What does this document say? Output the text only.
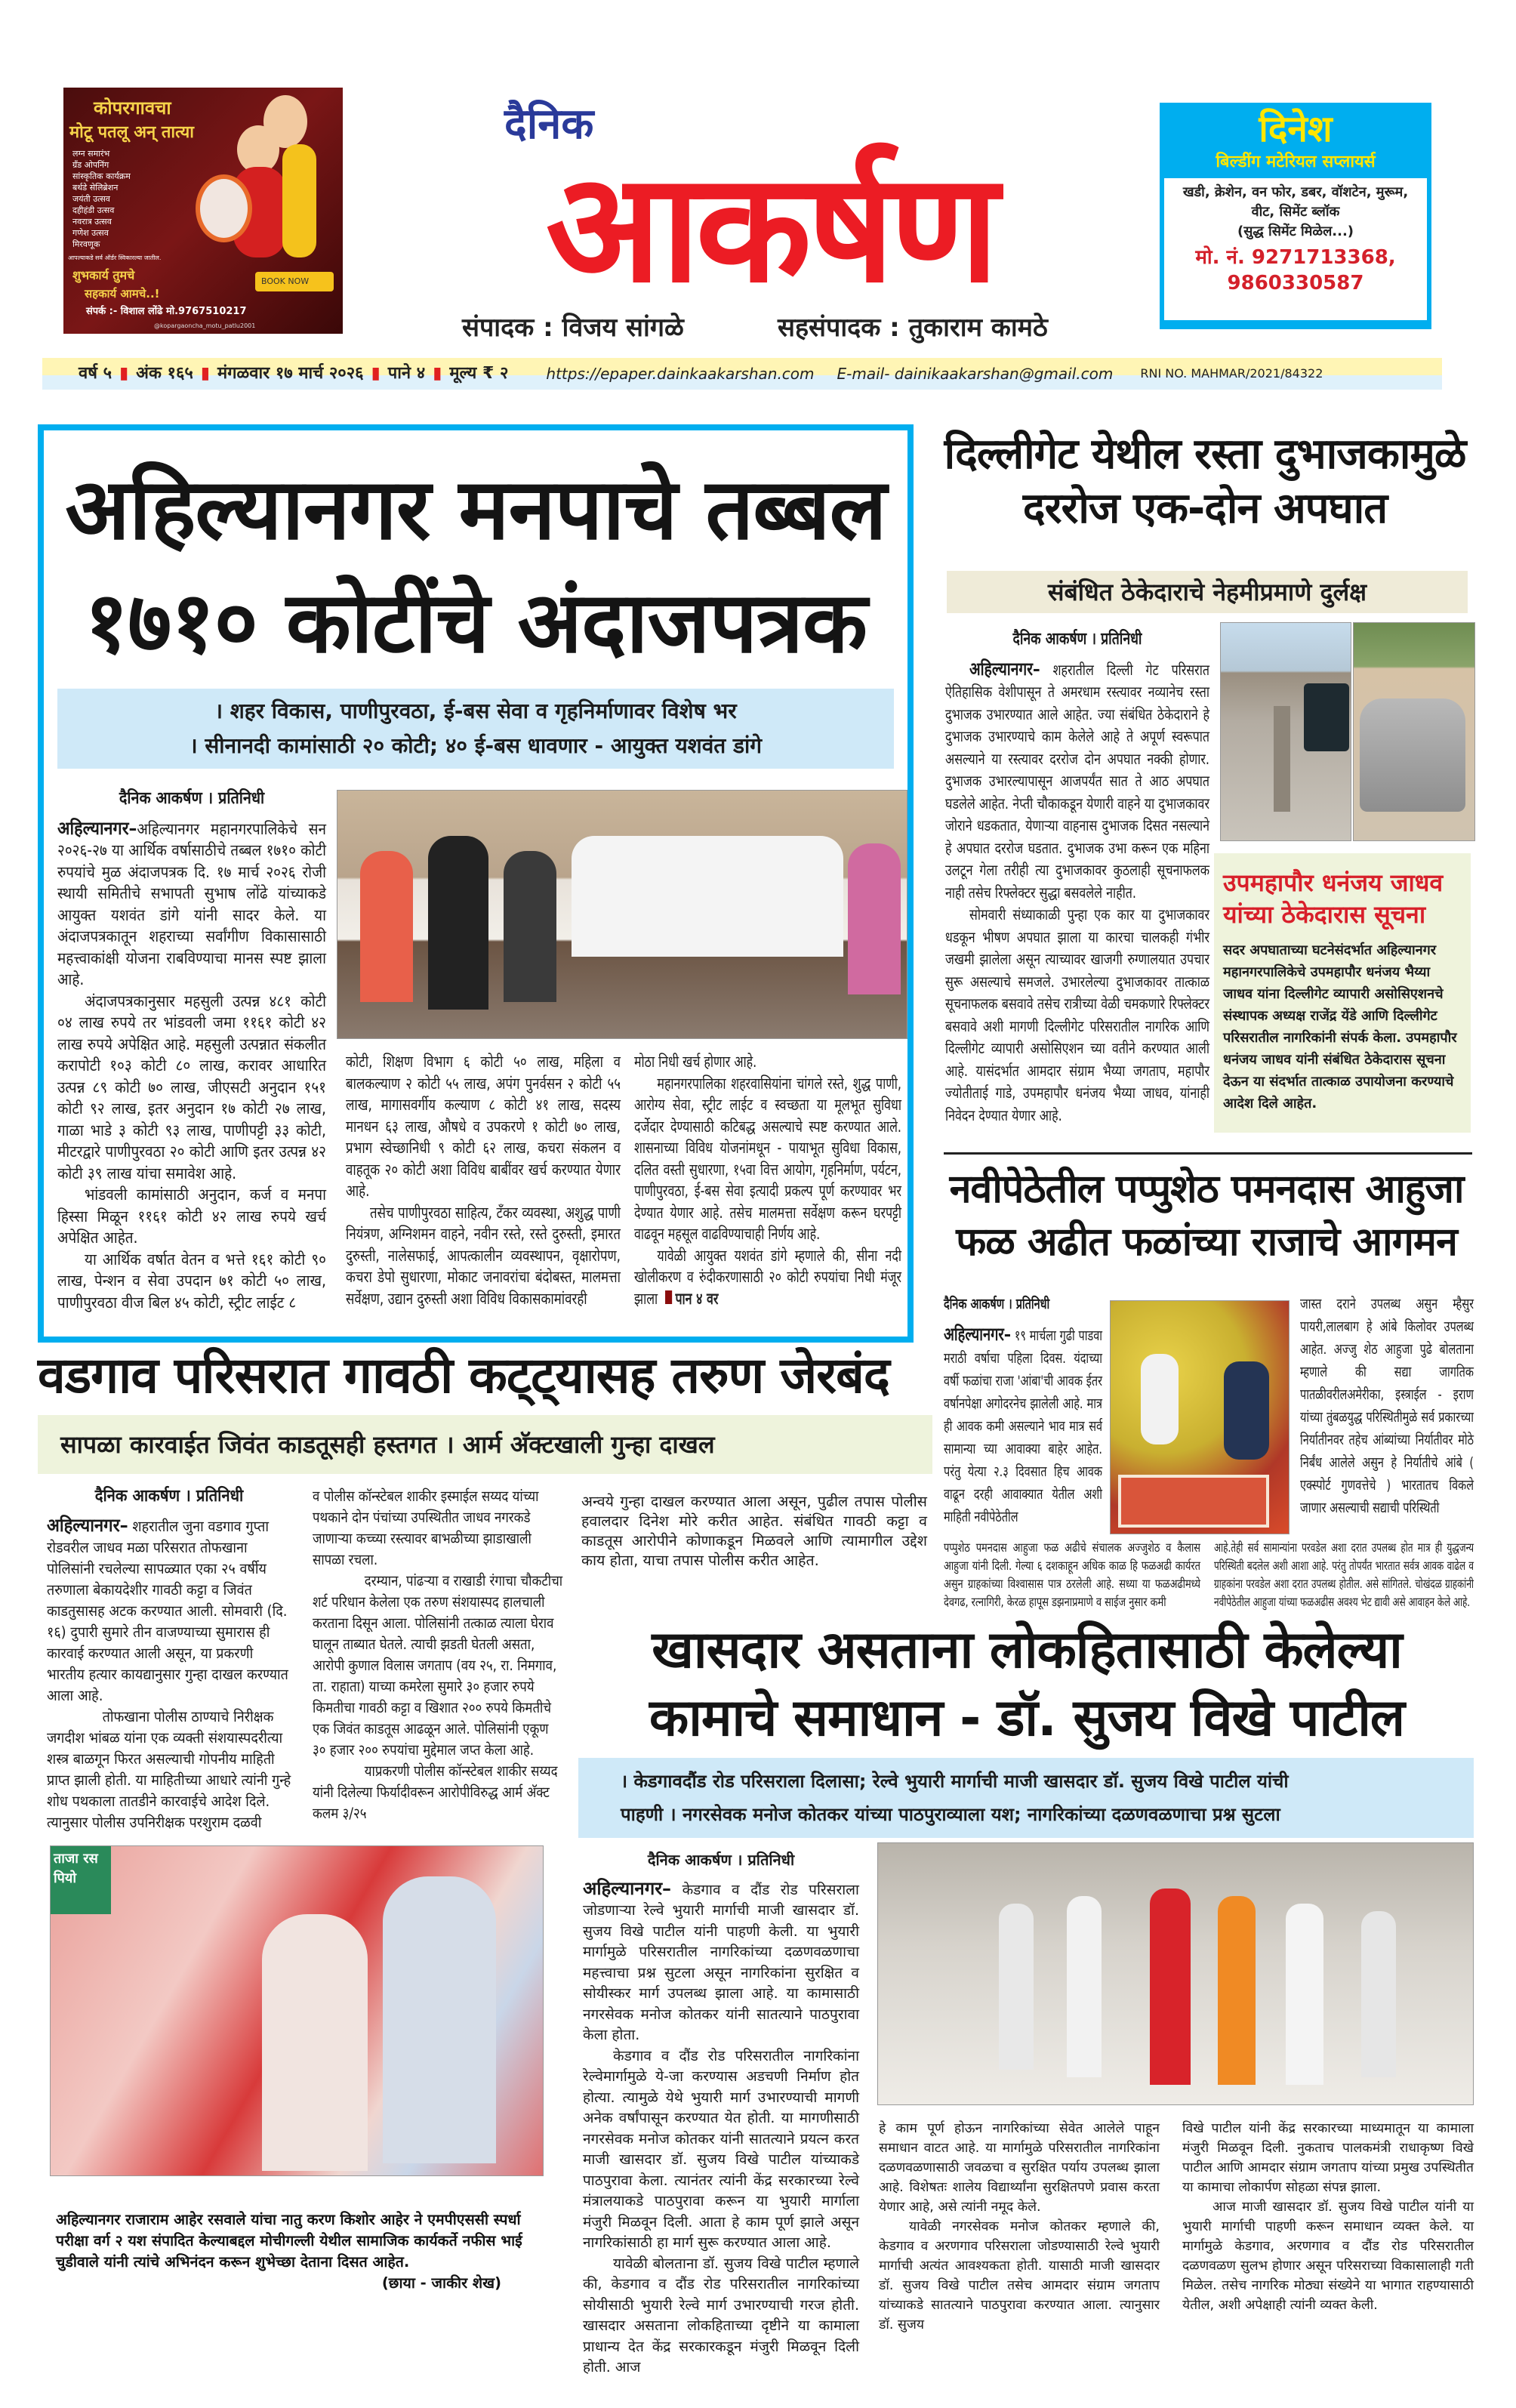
कोपरगावचा
मोटू पतलू अन् तात्या
लग्न समारंभ
ग्रँड ओपनिंग
सांस्कृतिक कार्यक्रम
बर्थडे सेलिब्रेशन
जयंती उत्सव
दहीहंडी उत्सव
नवरात्र उत्सव
गणेश उत्सव
मिरवणूक
आपल्याकडे सर्व ऑर्डर स्विकारल्या जातील.
शुभकार्य तुमचे
सहकार्य आमचे..!
BOOK NOW
संपर्क :- विशाल लोंढे मो.9767510217
@kopargaoncha_motu_patlu2001
दैनिक
आकर्षण
संपादक : विजय सांगळे	सहसंपादक : तुकाराम कामठे
दिनेश
बिल्डींग मटेरियल सप्लायर्स
खडी, क्रेशेन, वन फोर, डबर, वॉशटेन, मुरूम, वीट, सिमेंट ब्लॉक
(सुद्ध सिमेंट मिळेल...)
मो. नं. 9271713368,
9860330587
वर्ष ५ ▮ अंक १६५ ▮ मंगळवार १७ मार्च २०२६ ▮ पाने ४ ▮ मूल्य ₹ २	https://epaper.dainkaakarshan.com E-mail- dainikaakarshan@gmail.com RNI NO. MAHMAR/2021/84322
अहिल्यानगर मनपाचे तब्बल
१७१० कोटींचे अंदाजपत्रक
। शहर विकास, पाणीपुरवठा, ई-बस सेवा व गृहनिर्माणावर विशेष भर
। सीनानदी कामांसाठी २० कोटी; ४० ई-बस धावणार - आयुक्त यशवंत डांगे
दैनिक आकर्षण । प्रतिनिधी

अहिल्यानगर–अहिल्यानगर महानगरपालिकेचे सन २०२६-२७ या आर्थिक वर्षासाठीचे तब्बल १७१० कोटी रुपयांचे मुळ अंदाजपत्रक दि. १७ मार्च २०२६ रोजी स्थायी समितीचे सभापती सुभाष लोंढे यांच्याकडे आयुक्त यशवंत डांगे यांनी सादर केले. या अंदाजपत्रकातून शहराच्या सर्वांगीण विकासासाठी महत्त्वाकांक्षी योजना राबविण्याचा मानस स्पष्ट झाला आहे.

अंदाजपत्रकानुसार महसुली उत्पन्न ४८१ कोटी ०४ लाख रुपये तर भांडवली जमा ११६१ कोटी ४२ लाख रुपये अपेक्षित आहे. महसुली उत्पन्नात संकलीत करापोटी १०३ कोटी ८० लाख, करावर आधारित उत्पन्न ८९ कोटी ७० लाख, जीएसटी अनुदान १५१ कोटी ९२ लाख, इतर अनुदान १७ कोटी २७ लाख, गाळा भाडे ३ कोटी ९३ लाख, पाणीपट्टी ३३ कोटी, मीटरद्वारे पाणीपुरवठा २० कोटी आणि इतर उत्पन्न ४२ कोटी ३९ लाख यांचा समावेश आहे.

भांडवली कामांसाठी अनुदान, कर्ज व मनपा हिस्सा मिळून ११६१ कोटी ४२ लाख रुपये खर्च अपेक्षित आहेत.

या आर्थिक वर्षात वेतन व भत्ते १६१ कोटी ९० लाख, पेन्शन व सेवा उपदान ७१ कोटी ५० लाख, पाणीपुरवठा वीज बिल ४५ कोटी, स्ट्रीट लाईट ८

कोटी, शिक्षण विभाग ६ कोटी ५० लाख, महिला व बालकल्याण २ कोटी ५५ लाख, अपंग पुनर्वसन २ कोटी ५५ लाख, मागासवर्गीय कल्याण ८ कोटी ४१ लाख, सदस्य मानधन ६३ लाख, औषधे व उपकरणे १ कोटी ७० लाख, प्रभाग स्वेच्छानिधी ९ कोटी ६२ लाख, कचरा संकलन व वाहतूक २० कोटी अशा विविध बाबींवर खर्च करण्यात येणार आहे.

तसेच पाणीपुरवठा साहित्य, टँकर व्यवस्था, अशुद्ध पाणी नियंत्रण, अग्निशमन वाहने, नवीन रस्ते, रस्ते दुरुस्ती, इमारत दुरुस्ती, नालेसफाई, आपत्कालीन व्यवस्थापन, वृक्षारोपण, कचरा डेपो सुधारणा, मोकाट जनावरांचा बंदोबस्त, मालमत्ता सर्वेक्षण, उद्यान दुरुस्ती अशा विविध विकासकामांवरही

मोठा निधी खर्च होणार आहे.

महानगरपालिका शहरवासियांना चांगले रस्ते, शुद्ध पाणी, आरोग्य सेवा, स्ट्रीट लाईट व स्वच्छता या मूलभूत सुविधा दर्जेदार देण्यासाठी कटिबद्ध असल्याचे स्पष्ट करण्यात आले. शासनाच्या विविध योजनांमधून - पायाभूत सुविधा विकास, दलित वस्ती सुधारणा, १५वा वित्त आयोग, गृहनिर्माण, पर्यटन, पाणीपुरवठा, ई-बस सेवा इत्यादी प्रकल्प पूर्ण करण्यावर भर देण्यात येणार आहे. तसेच मालमत्ता सर्वेक्षण करून घरपट्टी वाढवून महसूल वाढविण्याचाही निर्णय आहे.

यावेळी आयुक्त यशवंत डांगे म्हणाले की, सीना नदी खोलीकरण व रुंदीकरणासाठी २० कोटी रुपयांचा निधी मंजूर झाला पान ४ वर

दिल्लीगेट येथील रस्ता दुभाजकामुळे
दररोज एक-दोन अपघात
संबंधित ठेकेदाराचे नेहमीप्रमाणे दुर्लक्ष
दैनिक आकर्षण । प्रतिनिधी

अहिल्यानगर– शहरातील दिल्ली गेट परिसरात ऐतिहासिक वेशीपासून ते अमरधाम रस्त्यावर नव्यानेच रस्ता दुभाजक उभारण्यात आले आहेत. ज्या संबंधित ठेकेदाराने हे दुभाजक उभारण्याचे काम केलेले आहे ते अपूर्ण स्वरूपात असल्याने या रस्त्यावर दररोज दोन अपघात नक्की होणार. दुभाजक उभारल्यापासून आजपर्यंत सात ते आठ अपघात घडलेले आहेत. नेप्ती चौकाकडून येणारी वाहने या दुभाजकावर जोराने धडकतात, येणाऱ्या वाहनास दुभाजक दिसत नसल्याने हे अपघात दररोज घडतात. दुभाजक उभा करून एक महिना उलटून गेला तरीही त्या दुभाजकावर कुठलाही सूचनाफलक नाही तसेच रिफ्लेक्टर सुद्धा बसवलेले नाहीत.

सोमवारी संध्याकाळी पुन्हा एक कार या दुभाजकावर धडकून भीषण अपघात झाला या कारचा चालकही गंभीर जखमी झालेला असून त्याच्यावर खाजगी रुग्णालयात उपचार सुरू असल्याचे समजले. उभारलेल्या दुभाजकावर तात्काळ सूचनाफलक बसवावे तसेच रात्रीच्या वेळी चमकणारे रिफ्लेक्टर बसवावे अशी मागणी दिल्लीगेट परिसरातील नागरिक आणि दिल्लीगेट व्यापारी असोसिएशन च्या वतीने करण्यात आली आहे. यासंदर्भात आमदार संग्राम भैय्या जगताप, महापौर ज्योतीताई गाडे, उपमहापौर धनंजय भैय्या जाधव, यांनाही निवेदन देण्यात येणार आहे.

उपमहापौर धनंजय जाधव
यांच्या ठेकेदारास सूचना
सदर अपघाताच्या घटनेसंदर्भात अहिल्यानगर महानगरपालिकेचे उपमहापौर धनंजय भैय्या जाधव यांना दिल्लीगेट व्यापारी असोसिएशनचे संस्थापक अध्यक्ष राजेंद्र येंडे आणि दिल्लीगेट परिसरातील नागरिकांनी संपर्क केला. उपमहापौर धनंजय जाधव यांनी संबंधित ठेकेदारास सूचना देऊन या संदर्भात तात्काळ उपायोजना करण्याचे आदेश दिले आहेत.
नवीपेठेतील पप्पुशेठ पमनदास आहुजा
फळ अढीत फळांच्या राजाचे आगमन
दैनिक आकर्षण । प्रतिनिधी

अहिल्यानगर– १९ मार्चला गुढी पाडवा मराठी वर्षाचा पहिला दिवस. यंदाच्या वर्षी फळांचा राजा 'आंबा'ची आवक ईतर वर्षानपेक्षा अगोदरनेच झालेली आहे. मात्र ही आवक कमी असल्याने भाव मात्र सर्व सामान्या च्या आवाक्या बाहेर आहेत. परंतु येत्या २.३ दिवसात हिच आवक वाढून दरही आवाक्यात येतील अशी माहिती नवीपेठेतील

जास्त दराने उपलब्ध असुन म्हैसुर पायरी,लालबाग हे आंबे किलोवर उपलब्ध आहेत. अज्जु शेठ आहुजा पुढे बोलताना म्हणाले की सद्या जागतिक पातळीवरीलअमेरीका, इस्त्राईल - इराण यांच्या तुंबळयुद्ध परिस्थितीमुळे सर्व प्रकारच्या निर्यातीनवर तहेच आंब्यांच्या निर्यातीवर मोठे निर्बंध आलेले असुन हे निर्यातीचे आंबे ( एक्स्पोर्ट गुणवत्तेचे ) भारतातच विकले जाणार असल्याची सद्याची परिस्थिती

पप्पुशेठ पमनदास आहुजा फळ अढीचे संचालक अज्जुशेठ व कैलास आहुजा यांनी दिली. गेल्या ६ दशकाहून अधिक काळ हि फळअढी कार्यरत असुन ग्राहकांच्या विश्वासास पात्र ठरलेली आहे. सध्या या फळअढीमध्ये देवगढ, रत्नागिरी, केरळ हापूस डझनाप्रमाणे व साईज नुसार कमी

आहे.तेही सर्व सामान्यांना परवडेल अशा दरात उपलब्ध होत मात्र ही युद्धजन्य परिस्थिती बदलेल अशी आशा आहे. परंतु तोपर्यंत भारतात सर्वत्र आवक वाढेल व ग्राहकांना परवडेल अशा दरात उपलब्ध होतील. असे सांगितले. चोखंदळ ग्राहकांनी नवीपेठेतील आहुजा यांच्या फळअढीस अवश्य भेट द्यावी असे आवाहन केले आहे.

वडगाव परिसरात गावठी कट्ट्यासह तरुण जेरबंद
सापळा कारवाईत जिवंत काडतूसही हस्तगत । आर्म अ‍ॅक्टखाली गुन्हा दाखल
दैनिक आकर्षण । प्रतिनिधी

अहिल्यानगर– शहरातील जुना वडगाव गुप्ता रोडवरील जाधव मळा परिसरात तोफखाना पोलिसांनी रचलेल्या सापळ्यात एका २५ वर्षीय तरुणाला बेकायदेशीर गावठी कट्टा व जिवंत काडतुसासह अटक करण्यात आली. सोमवारी (दि. १६) दुपारी सुमारे तीन वाजण्याच्या सुमारास ही कारवाई करण्यात आली असून, या प्रकरणी भारतीय हत्यार कायद्यानुसार गुन्हा दाखल करण्यात आला आहे.

तोफखाना पोलीस ठाण्याचे निरीक्षक जगदीश भांबळ यांना एक व्यक्ती संशयास्पदरीत्या शस्त्र बाळगून फिरत असल्याची गोपनीय माहिती प्राप्त झाली होती. या माहितीच्या आधारे त्यांनी गुन्हे शोध पथकाला तातडीने कारवाईचे आदेश दिले. त्यानुसार पोलीस उपनिरीक्षक परशुराम दळवी

व पोलीस कॉन्स्टेबल शाकीर इस्माईल सय्यद यांच्या पथकाने दोन पंचांच्या उपस्थितीत जाधव नगरकडे जाणाऱ्या कच्च्या रस्त्यावर बाभळीच्या झाडाखाली सापळा रचला.

दरम्यान, पांढऱ्या व राखाडी रंगाचा चौकटीचा शर्ट परिधान केलेला एक तरुण संशयास्पद हालचाली करताना दिसून आला. पोलिसांनी तत्काळ त्याला घेराव घालून ताब्यात घेतले. त्याची झडती घेतली असता, आरोपी कुणाल विलास जगताप (वय २५, रा. निमगाव, ता. राहाता) याच्या कमरेला सुमारे ३० हजार रुपये किमतीचा गावठी कट्टा व खिशात २०० रुपये किमतीचे एक जिवंत काडतूस आढळून आले. पोलिसांनी एकूण ३० हजार २०० रुपयांचा मुद्देमाल जप्त केला आहे.

याप्रकरणी पोलीस कॉन्स्टेबल शाकीर सय्यद यांनी दिलेल्या फिर्यादीवरून आरोपीविरुद्ध आर्म अ‍ॅक्ट कलम ३/२५

अन्वये गुन्हा दाखल करण्यात आला असून, पुढील तपास पोलीस हवालदार दिनेश मोरे करीत आहेत. संबंधित गावठी कट्टा व काडतूस आरोपीने कोणाकडून मिळवले आणि त्यामागील उद्देश काय होता, याचा तपास पोलीस करीत आहेत.

ताजा रस पियो
अहिल्यानगर राजाराम आहेर रसवाले यांचा नातु करण किशोर आहेर ने एमपीएससी स्पर्धा परीक्षा वर्ग २ यश संपादित केल्याबद्दल मोचीगल्ली येथील सामाजिक कार्यकर्ते नफीस भाई चुडीवाले यांनी त्यांचे अभिनंदन करून शुभेच्छा देताना दिसत आहेत.
(छाया - जाकीर शेख)
खासदार असताना लोकहितासाठी केलेल्या
कामाचे समाधान - डॉ. सुजय विखे पाटील
। केडगावदौंड रोड परिसराला दिलासा; रेल्वे भुयारी मार्गाची माजी खासदार डॉ. सुजय विखे पाटील यांची
पाहणी । नगरसेवक मनोज कोतकर यांच्या पाठपुराव्याला यश; नागरिकांच्या दळणवळणाचा प्रश्न सुटला
दैनिक आकर्षण । प्रतिनिधी

अहिल्यानगर– केडगाव व दौंड रोड परिसराला जोडणाऱ्या रेल्वे भुयारी मार्गाची माजी खासदार डॉ. सुजय विखे पाटील यांनी पाहणी केली. या भुयारी मार्गामुळे परिसरातील नागरिकांच्या दळणवळणाचा महत्त्वाचा प्रश्न सुटला असून नागरिकांना सुरक्षित व सोयीस्कर मार्ग उपलब्ध झाला आहे. या कामासाठी नगरसेवक मनोज कोतकर यांनी सातत्याने पाठपुरावा केला होता.

केडगाव व दौंड रोड परिसरातील नागरिकांना रेल्वेमार्गामुळे ये-जा करण्यास अडचणी निर्माण होत होत्या. त्यामुळे येथे भुयारी मार्ग उभारण्याची मागणी अनेक वर्षांपासून करण्यात येत होती. या मागणीसाठी नगरसेवक मनोज कोतकर यांनी सातत्याने प्रयत्न करत माजी खासदार डॉ. सुजय विखे पाटील यांच्याकडे पाठपुरावा केला. त्यानंतर त्यांनी केंद्र सरकारच्या रेल्वे मंत्रालयाकडे पाठपुरावा करून या भुयारी मार्गाला मंजुरी मिळवून दिली. आता हे काम पूर्ण झाले असून नागरिकांसाठी हा मार्ग सुरू करण्यात आला आहे.

यावेळी बोलताना डॉ. सुजय विखे पाटील म्हणाले की, केडगाव व दौंड रोड परिसरातील नागरिकांच्या सोयीसाठी भुयारी रेल्वे मार्ग उभारण्याची गरज होती. खासदार असताना लोकहिताच्या दृष्टीने या कामाला प्राधान्य देत केंद्र सरकारकडून मंजुरी मिळवून दिली होती. आज

हे काम पूर्ण होऊन नागरिकांच्या सेवेत आलेले पाहून समाधान वाटत आहे. या मार्गामुळे परिसरातील नागरिकांना दळणवळणासाठी जवळचा व सुरक्षित पर्याय उपलब्ध झाला आहे. विशेषतः शालेय विद्यार्थ्यांना सुरक्षितपणे प्रवास करता येणार आहे, असे त्यांनी नमूद केले.

यावेळी नगरसेवक मनोज कोतकर म्हणाले की, केडगाव व अरणगाव परिसराला जोडण्यासाठी रेल्वे भुयारी मार्गाची अत्यंत आवश्यकता होती. यासाठी माजी खासदार डॉ. सुजय विखे पाटील तसेच आमदार संग्राम जगताप यांच्याकडे सातत्याने पाठपुरावा करण्यात आला. त्यानुसार डॉ. सुजय

विखे पाटील यांनी केंद्र सरकारच्या माध्यमातून या कामाला मंजुरी मिळवून दिली. नुकताच पालकमंत्री राधाकृष्ण विखे पाटील आणि आमदार संग्राम जगताप यांच्या प्रमुख उपस्थितीत या कामाचा लोकार्पण सोहळा संपन्न झाला.

आज माजी खासदार डॉ. सुजय विखे पाटील यांनी या भुयारी मार्गाची पाहणी करून समाधान व्यक्त केले. या मार्गामुळे केडगाव, अरणगाव व दौंड रोड परिसरातील दळणवळण सुलभ होणार असून परिसराच्या विकासालाही गती मिळेल. तसेच नागरिक मोठ्या संख्येने या भागात राहण्यासाठी येतील, अशी अपेक्षाही त्यांनी व्यक्त केली.
